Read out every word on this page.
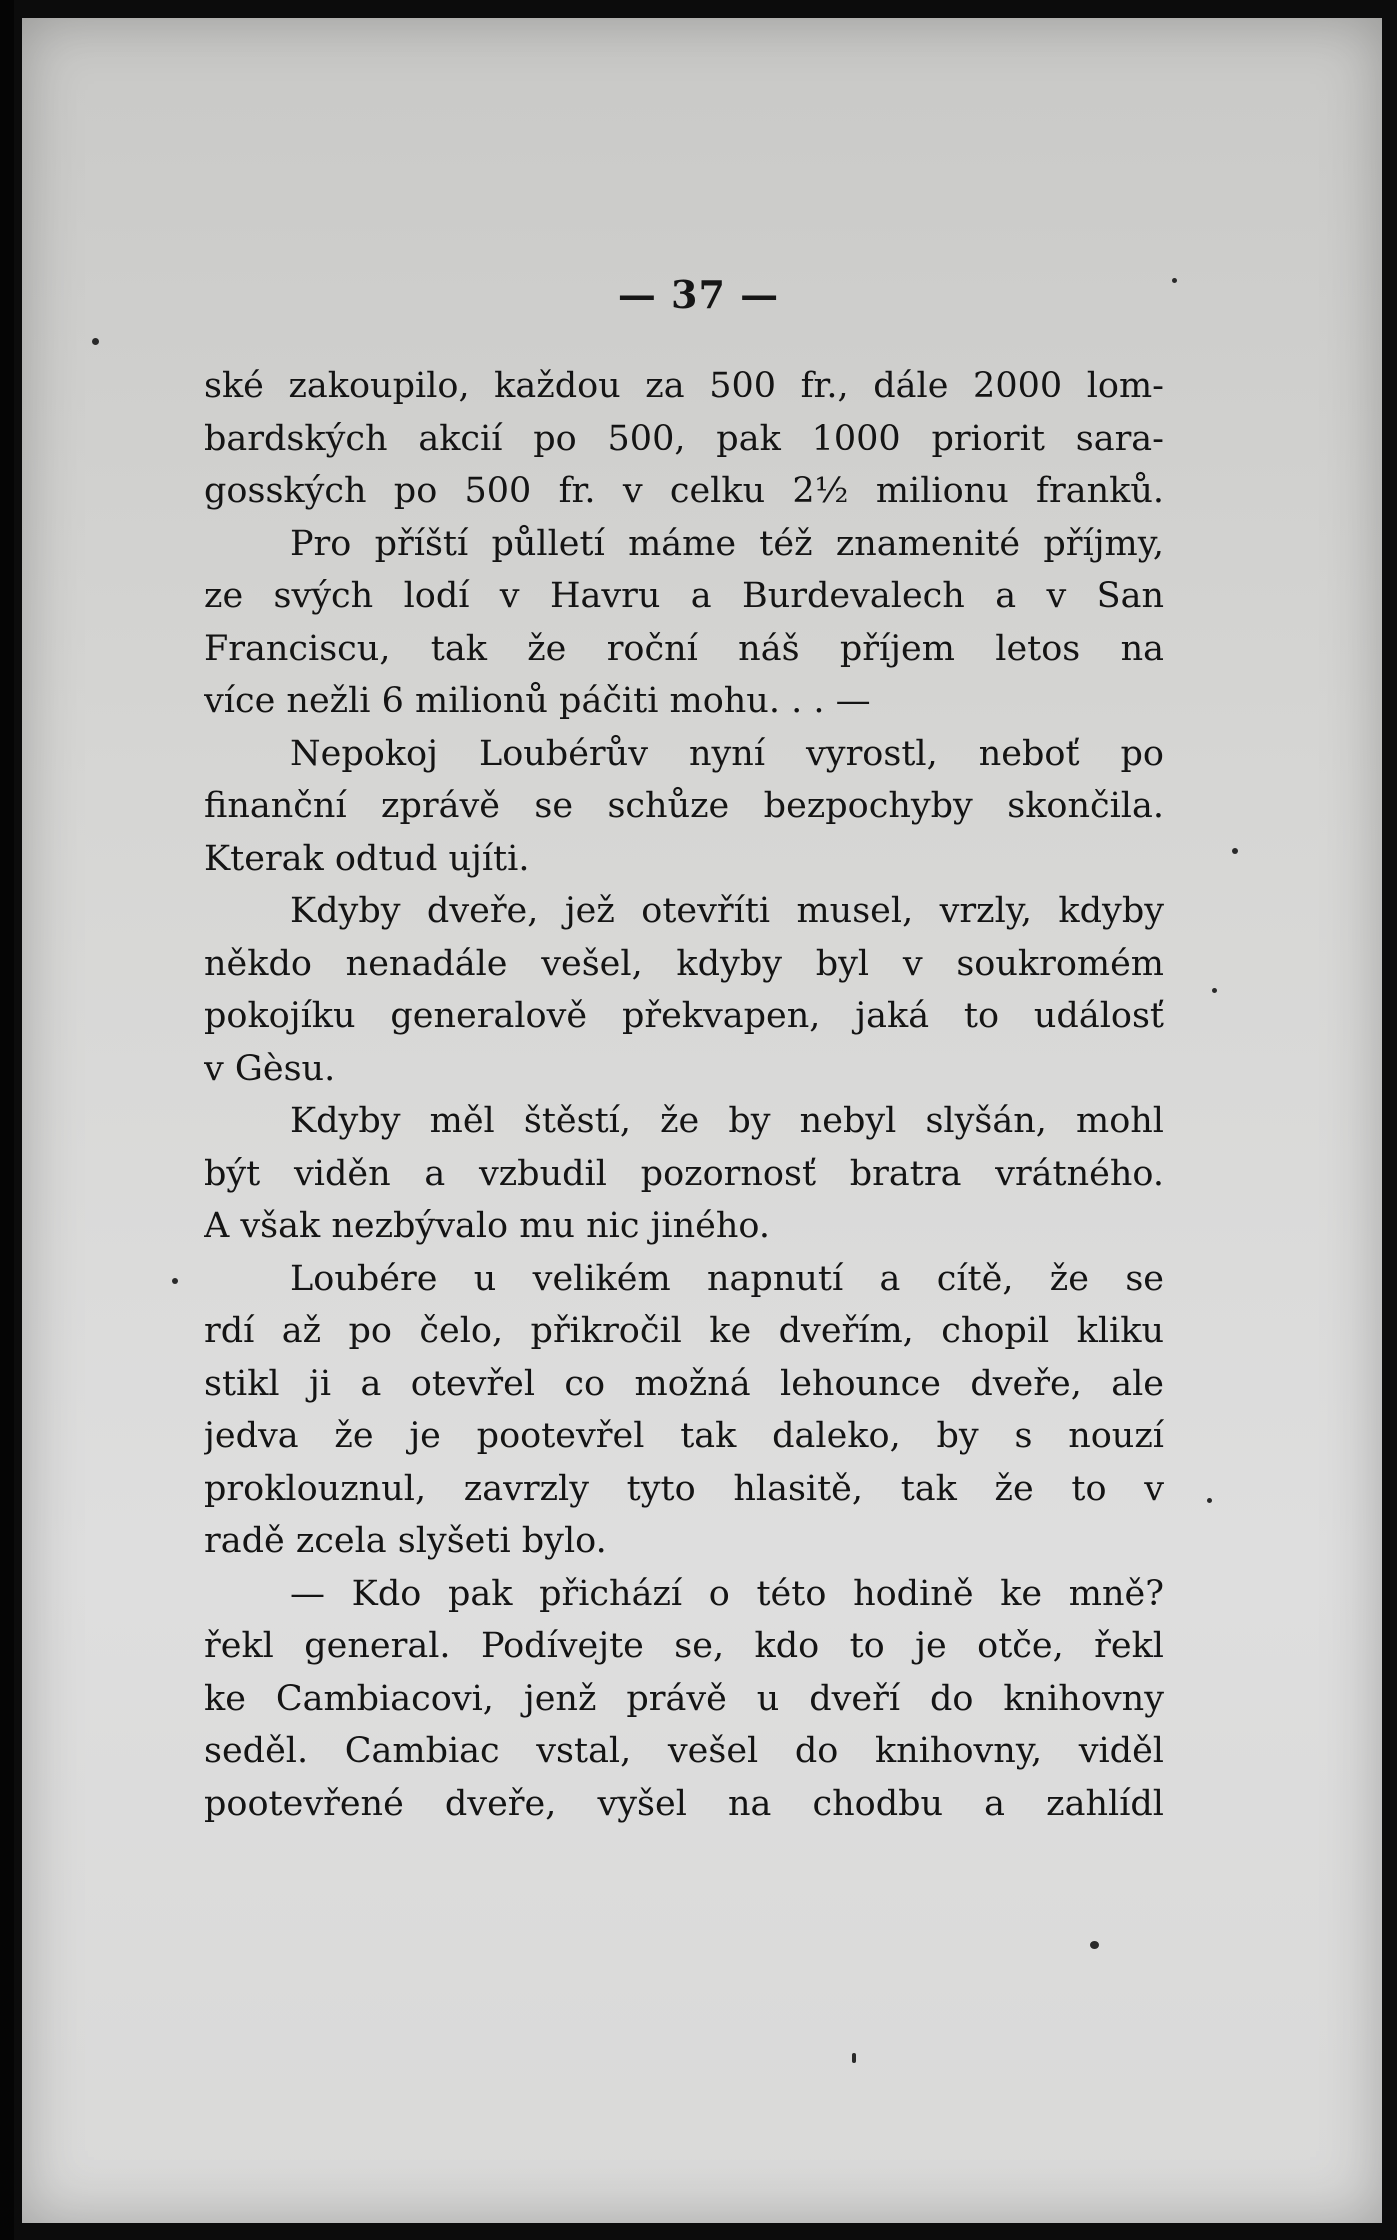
— 37 —
ské zakoupilo, každou za 500 fr., dále 2000 lom-
bardských akcií po 500, pak 1000 priorit sara-
gosských po 500 fr. v celku 2½ milionu franků.
Pro příští půlletí máme též znamenité příjmy,
ze svých lodí v Havru a Burdevalech a v San
Franciscu, tak že roční náš příjem letos na
více nežli 6 milionů páčiti mohu. . . —
Nepokoj Loubérův nyní vyrostl, neboť po
finanční zprávě se schůze bezpochyby skončila.
Kterak odtud ujíti.
Kdyby dveře, jež otevříti musel, vrzly, kdyby
někdo nenadále vešel, kdyby byl v soukromém
pokojíku generalově překvapen, jaká to událosť
v Gèsu.
Kdyby měl štěstí, že by nebyl slyšán, mohl
být viděn a vzbudil pozornosť bratra vrátného.
A však nezbývalo mu nic jiného.
Loubére u velikém napnutí a cítě, že se
rdí až po čelo, přikročil ke dveřím, chopil kliku
stikl ji a otevřel co možná lehounce dveře, ale
jedva že je pootevřel tak daleko, by s nouzí
proklouznul, zavrzly tyto hlasitě, tak že to v
radě zcela slyšeti bylo.
— Kdo pak přichází o této hodině ke mně?
řekl general. Podívejte se, kdo to je otče, řekl
ke Cambiacovi, jenž právě u dveří do knihovny
seděl. Cambiac vstal, vešel do knihovny, viděl
pootevřené dveře, vyšel na chodbu a zahlídl
